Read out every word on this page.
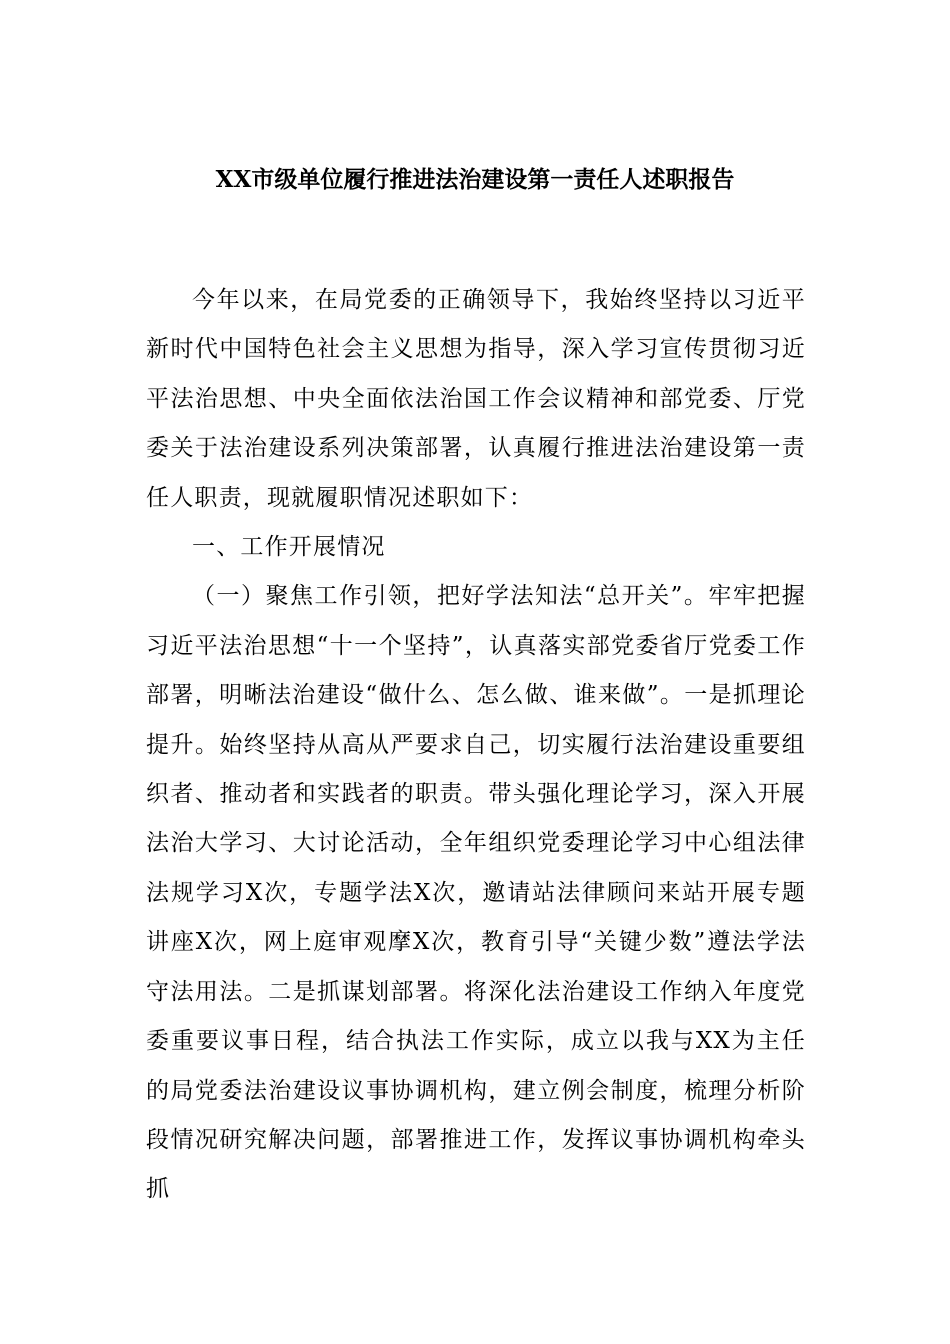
XX市级单位履行推进法治建设第一责任人述职报告

今年以来，在局党委的正确领导下，我始终坚持以习近平新时代中国特色社会主义思想为指导，深入学习宣传贯彻习近平法治思想、中央全面依法治国工作会议精神和部党委、厅党委关于法治建设系列决策部署，认真履行推进法治建设第一责任人职责，现就履职情况述职如下：

一、工作开展情况

（一）聚焦工作引领，把好学法知法“总开关”。牢牢把握习近平法治思想“十一个坚持”，认真落实部党委省厅党委工作部署，明晰法治建设“做什么、怎么做、谁来做”。一是抓理论提升。始终坚持从高从严要求自己，切实履行法治建设重要组织者、推动者和实践者的职责。带头强化理论学习，深入开展法治大学习、大讨论活动，全年组织党委理论学习中心组法律法规学习X次，专题学法X次，邀请站法律顾问来站开展专题讲座X次，网上庭审观摩X次，教育引导“关键少数”遵法学法守法用法。二是抓谋划部署。将深化法治建设工作纳入年度党委重要议事日程，结合执法工作实际，成立以我与XX为主任的局党委法治建设议事协调机构，建立例会制度，梳理分析阶段情况研究解决问题，部署推进工作，发挥议事协调机构牵头抓
